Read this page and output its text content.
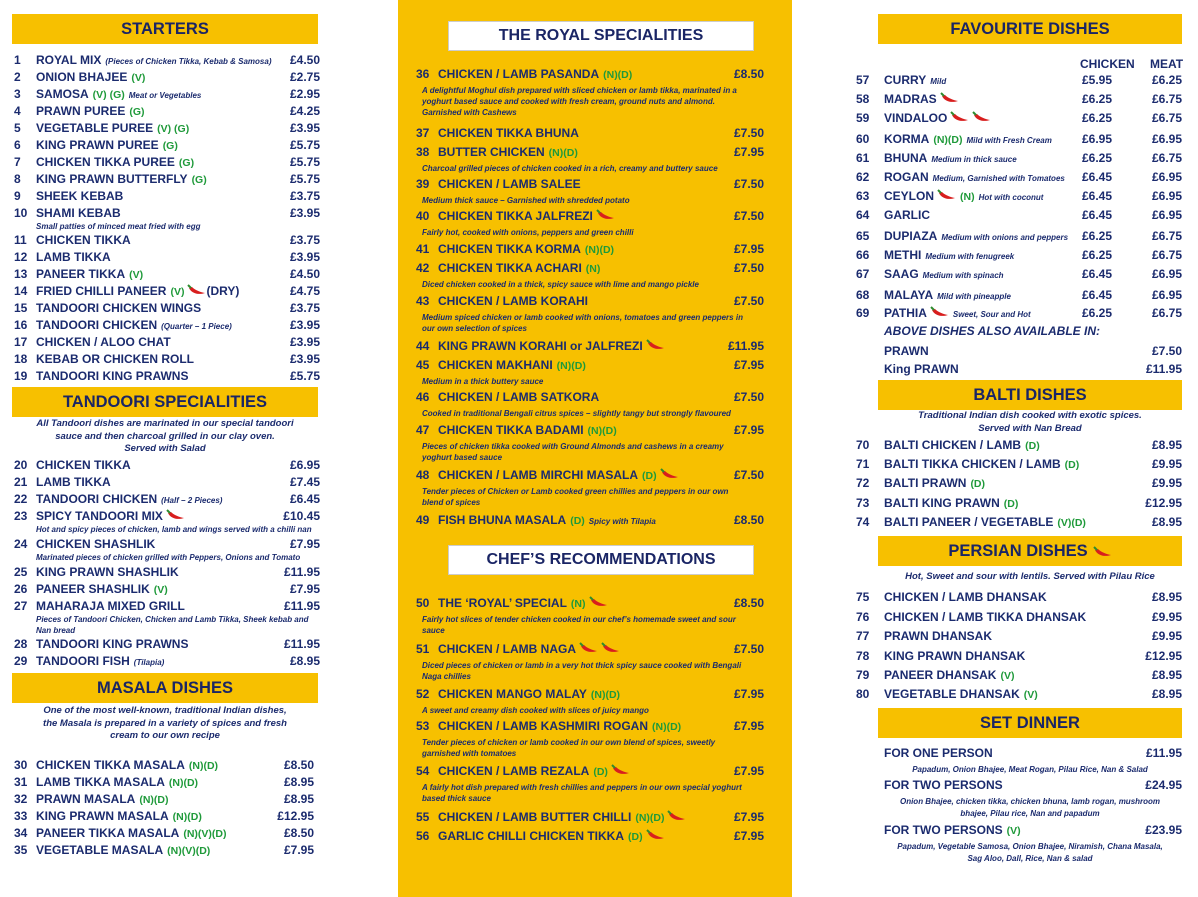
STARTERS
1	ROYAL MIX (Pieces of Chicken Tikka, Kebab & Samosa) £4.50
2	ONION BHAJEE (V)	£2.75
3	SAMOSA (V) (G) Meat or Vegetables	£2.95
4	PRAWN PUREE (G)	£4.25
5	VEGETABLE PUREE (V) (G)	£3.95
6	KING PRAWN PUREE (G)	£5.75
7	CHICKEN TIKKA PUREE (G)	£5.75
8	KING PRAWN BUTTERFLY (G)	£5.75
9	SHEEK KEBAB	£3.75
10 SHAMI KEBAB	£3.95
Small patties of minced meat fried with egg
11 CHICKEN TIKKA	£3.75
12 LAMB TIKKA	£3.95
13 PANEER TIKKA (V)	£4.50
14 FRIED CHILLI PANEER (V) (DRY)	£4.75
15 TANDOORI CHICKEN WINGS	£3.75
16 TANDOORI CHICKEN (Quarter – 1 Piece)	£3.95
17 CHICKEN / ALOO CHAT	£3.95
18 KEBAB OR CHICKEN ROLL	£3.95
19 TANDOORI KING PRAWNS	£5.75
TANDOORI SPECIALITIES
All Tandoori dishes are marinated in our special tandoori
sauce and then charcoal grilled in our clay oven.
Served with Salad
20 CHICKEN TIKKA	£6.95
21 LAMB TIKKA	£7.45
22 TANDOORI CHICKEN (Half – 2 Pieces)	£6.45
23 SPICY TANDOORI MIX	£10.45
Hot and spicy pieces of chicken, lamb and wings served with a chilli nan
24 CHICKEN SHASHLIK	£7.95
Marinated pieces of chicken grilled with Peppers, Onions and Tomato
25 KING PRAWN SHASHLIK	£11.95
26 PANEER SHASHLIK (V)	£7.95
27 MAHARAJA MIXED GRILL	£11.95
Pieces of Tandoori Chicken, Chicken and Lamb Tikka, Sheek kebab and Nan bread
28 TANDOORI KING PRAWNS	£11.95
29 TANDOORI FISH (Tilapia)	£8.95
MASALA DISHES
One of the most well-known, traditional Indian dishes,
the Masala is prepared in a variety of spices and fresh
cream to our own recipe
30 CHICKEN TIKKA MASALA (N)(D)	£8.50
31 LAMB TIKKA MASALA (N)(D)	£8.95
32 PRAWN MASALA (N)(D)	£8.95
33 KING PRAWN MASALA (N)(D)	£12.95
34 PANEER TIKKA MASALA (N)(V)(D)	£8.50
35 VEGETABLE MASALA (N)(V)(D)	£7.95
THE ROYAL SPECIALITIES
36 CHICKEN / LAMB PASANDA (N)(D)	£8.50
A delightful Moghul dish prepared with sliced chicken or lamb tikka, marinated in a
yoghurt based sauce and cooked with fresh cream, ground nuts and almond.
Garnished with Cashews
37 CHICKEN TIKKA BHUNA	£7.50
38 BUTTER CHICKEN (N)(D)	£7.95
Charcoal grilled pieces of chicken cooked in a rich, creamy and buttery sauce
39 CHICKEN / LAMB SALEE	£7.50
Medium thick sauce – Garnished with shredded potato
40 CHICKEN TIKKA JALFREZI	£7.50
Fairly hot, cooked with onions, peppers and green chilli
41 CHICKEN TIKKA KORMA (N)(D)	£7.95
42 CHICKEN TIKKA ACHARI (N)	£7.50
Diced chicken cooked in a thick, spicy sauce with lime and mango pickle
43 CHICKEN / LAMB KORAHI	£7.50
Medium spiced chicken or lamb cooked with onions, tomatoes and green peppers in
our own selection of spices
44 KING PRAWN KORAHI or JALFREZI	£11.95
45 CHICKEN MAKHANI (N)(D)	£7.95
Medium in a thick buttery sauce
46 CHICKEN / LAMB SATKORA	£7.50
Cooked in traditional Bengali citrus spices – slightly tangy but strongly flavoured
47 CHICKEN TIKKA BADAMI (N)(D)	£7.95
Pieces of chicken tikka cooked with Ground Almonds and cashews in a creamy
yoghurt based sauce
48 CHICKEN / LAMB MIRCHI MASALA (D)	£7.50
Tender pieces of Chicken or Lamb cooked green chillies and peppers in our own
blend of spices
49 FISH BHUNA MASALA (D) Spicy with Tilapia	£8.50
CHEF’S RECOMMENDATIONS
50 THE ‘ROYAL’ SPECIAL (N)	£8.50
Fairly hot slices of tender chicken cooked in our chef’s homemade sweet and sour
sauce
51 CHICKEN / LAMB NAGA	£7.50
Diced pieces of chicken or lamb in a very hot thick spicy sauce cooked with Bengali
Naga chillies
52 CHICKEN MANGO MALAY (N)(D)	£7.95
A sweet and creamy dish cooked with slices of juicy mango
53 CHICKEN / LAMB KASHMIRI ROGAN (N)(D)	£7.95
Tender pieces of chicken or lamb cooked in our own blend of spices, sweetly
garnished with tomatoes
54 CHICKEN / LAMB REZALA (D)	£7.95
A fairly hot dish prepared with fresh chillies and peppers in our own special yoghurt
based thick sauce
55 CHICKEN / LAMB BUTTER CHILLI (N)(D)	£7.95
56 GARLIC CHILLI CHICKEN TIKKA (D)	£7.95
FAVOURITE DISHES
CHICKEN MEAT
57	CURRY Mild	£5.95	£6.25
58	MADRAS	£6.25	£6.75
59	VINDALOO	£6.25	£6.75
60	KORMA (N)(D) Mild with Fresh Cream	£6.95	£6.95
61	BHUNA Medium in thick sauce	£6.25	£6.75
62	ROGAN Medium, Garnished with Tomatoes £6.45	£6.95
63	CEYLON (N) Hot with coconut	£6.45	£6.95
64	GARLIC	£6.45	£6.95
65	DUPIAZA Medium with onions and peppers £6.25	£6.75
66	METHI Medium with fenugreek	£6.25	£6.75
67	SAAG Medium with spinach	£6.45	£6.95
68	MALAYA Mild with pineapple	£6.45	£6.95
69	PATHIA	Sweet, Sour and Hot	£6.25	£6.75
ABOVE DISHES ALSO AVAILABLE IN:
PRAWN	£7.50
King PRAWN	£11.95
BALTI DISHES
Traditional Indian dish cooked with exotic spices.
Served with Nan Bread
70	BALTI CHICKEN / LAMB (D)	£8.95
71	BALTI TIKKA CHICKEN / LAMB (D)	£9.95
72	BALTI PRAWN (D)	£9.95
73	BALTI KING PRAWN (D)	£12.95
74	BALTI PANEER / VEGETABLE (V)(D)	£8.95
PERSIAN DISHES
Hot, Sweet and sour with lentils. Served with Pilau Rice
75	CHICKEN / LAMB DHANSAK	£8.95
76	CHICKEN / LAMB TIKKA DHANSAK	£9.95
77	PRAWN DHANSAK	£9.95
78	KING PRAWN DHANSAK	£12.95
79	PANEER DHANSAK (V)	£8.95
80	VEGETABLE DHANSAK (V)	£8.95
SET DINNER
FOR ONE PERSON	£11.95
Papadum, Onion Bhajee, Meat Rogan, Pilau Rice, Nan & Salad
FOR TWO PERSONS	£24.95
Onion Bhajee, chicken tikka, chicken bhuna, lamb rogan, mushroom
bhajee, Pilau rice, Nan and papadum
FOR TWO PERSONS (V)	£23.95
Papadum, Vegetable Samosa, Onion Bhajee, Niramish, Chana Masala,
Sag Aloo, Dall, Rice, Nan & salad
